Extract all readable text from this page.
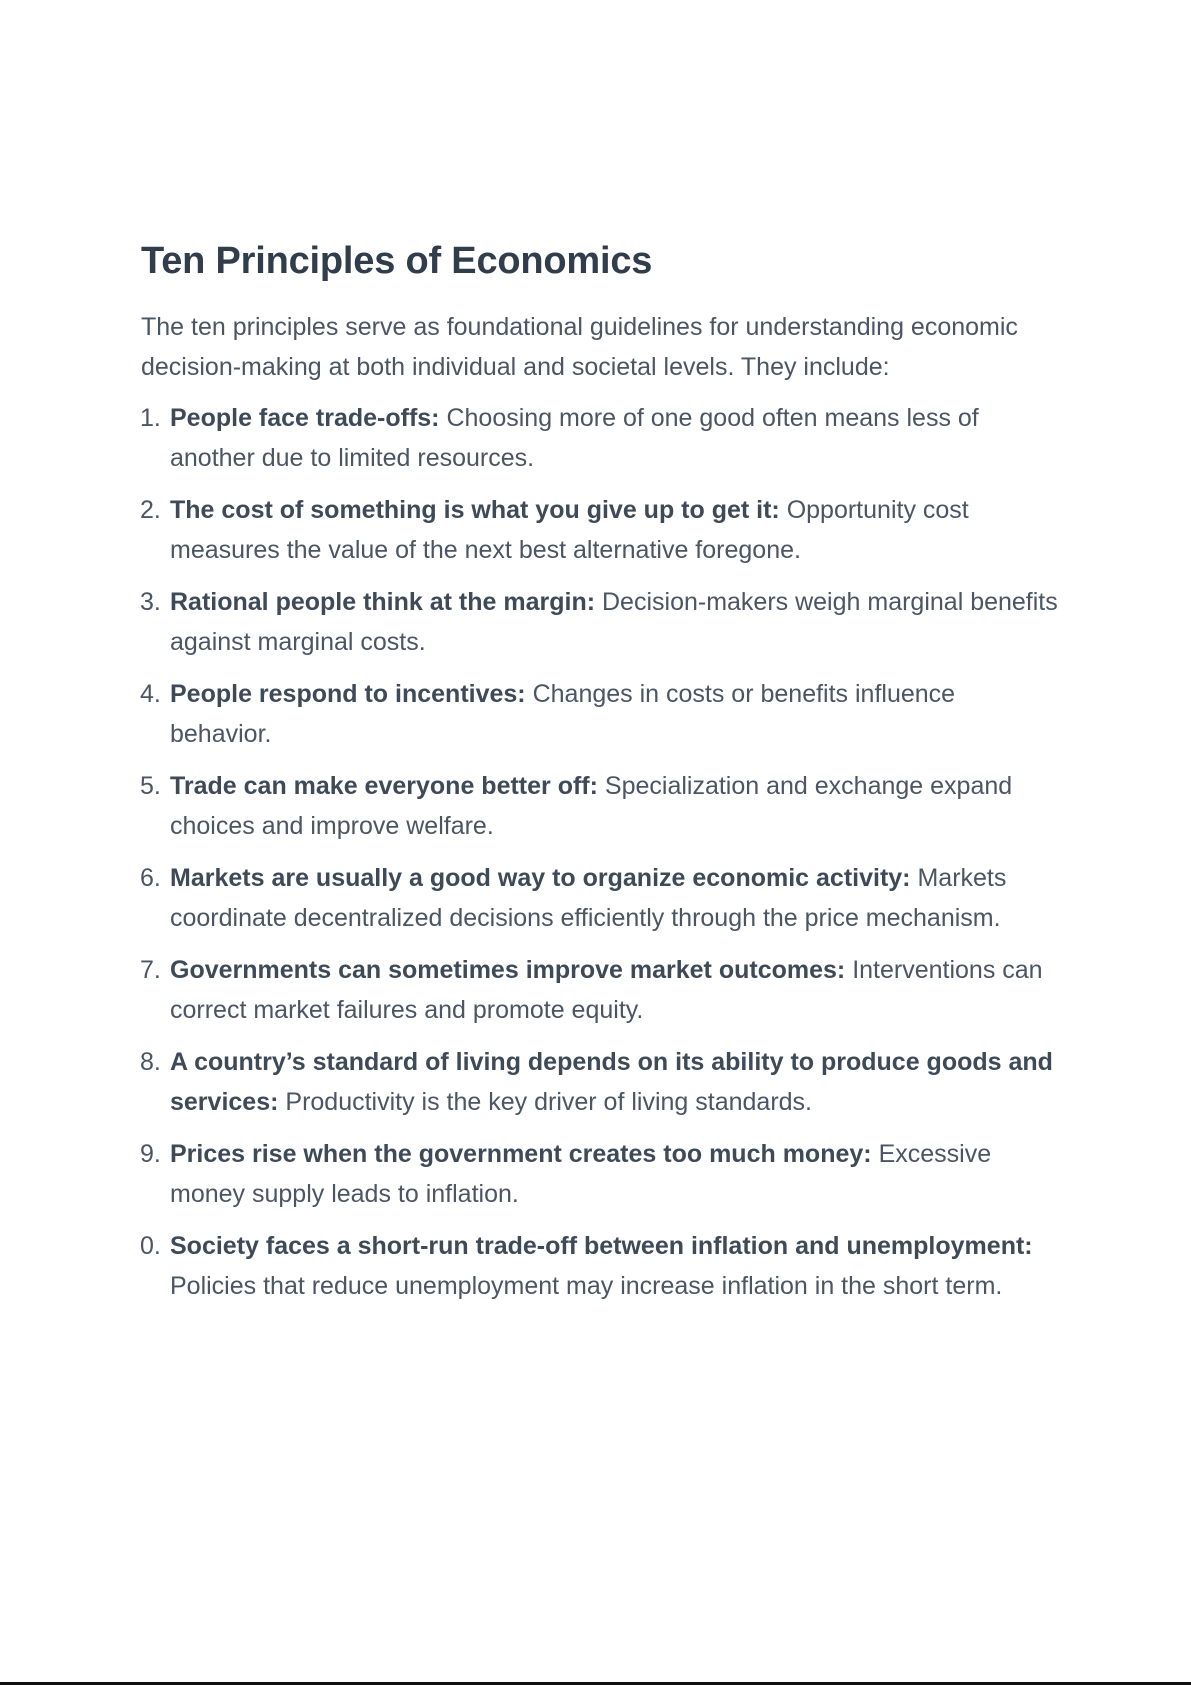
Ten Principles of Economics

The ten principles serve as foundational guidelines for understanding economic decision-making at both individual and societal levels. They include:

1. People face trade-offs: Choosing more of one good often means less of another due to limited resources.
2. The cost of something is what you give up to get it: Opportunity cost measures the value of the next best alternative foregone.
3. Rational people think at the margin: Decision-makers weigh marginal benefits against marginal costs.
4. People respond to incentives: Changes in costs or benefits influence behavior.
5. Trade can make everyone better off: Specialization and exchange expand choices and improve welfare.
6. Markets are usually a good way to organize economic activity: Markets coordinate decentralized decisions efficiently through the price mechanism.
7. Governments can sometimes improve market outcomes: Interventions can correct market failures and promote equity.
8. A country’s standard of living depends on its ability to produce goods and services: Productivity is the key driver of living standards.
9. Prices rise when the government creates too much money: Excessive money supply leads to inflation.
0. Society faces a short-run trade-off between inflation and unemployment: Policies that reduce unemployment may increase inflation in the short term.
